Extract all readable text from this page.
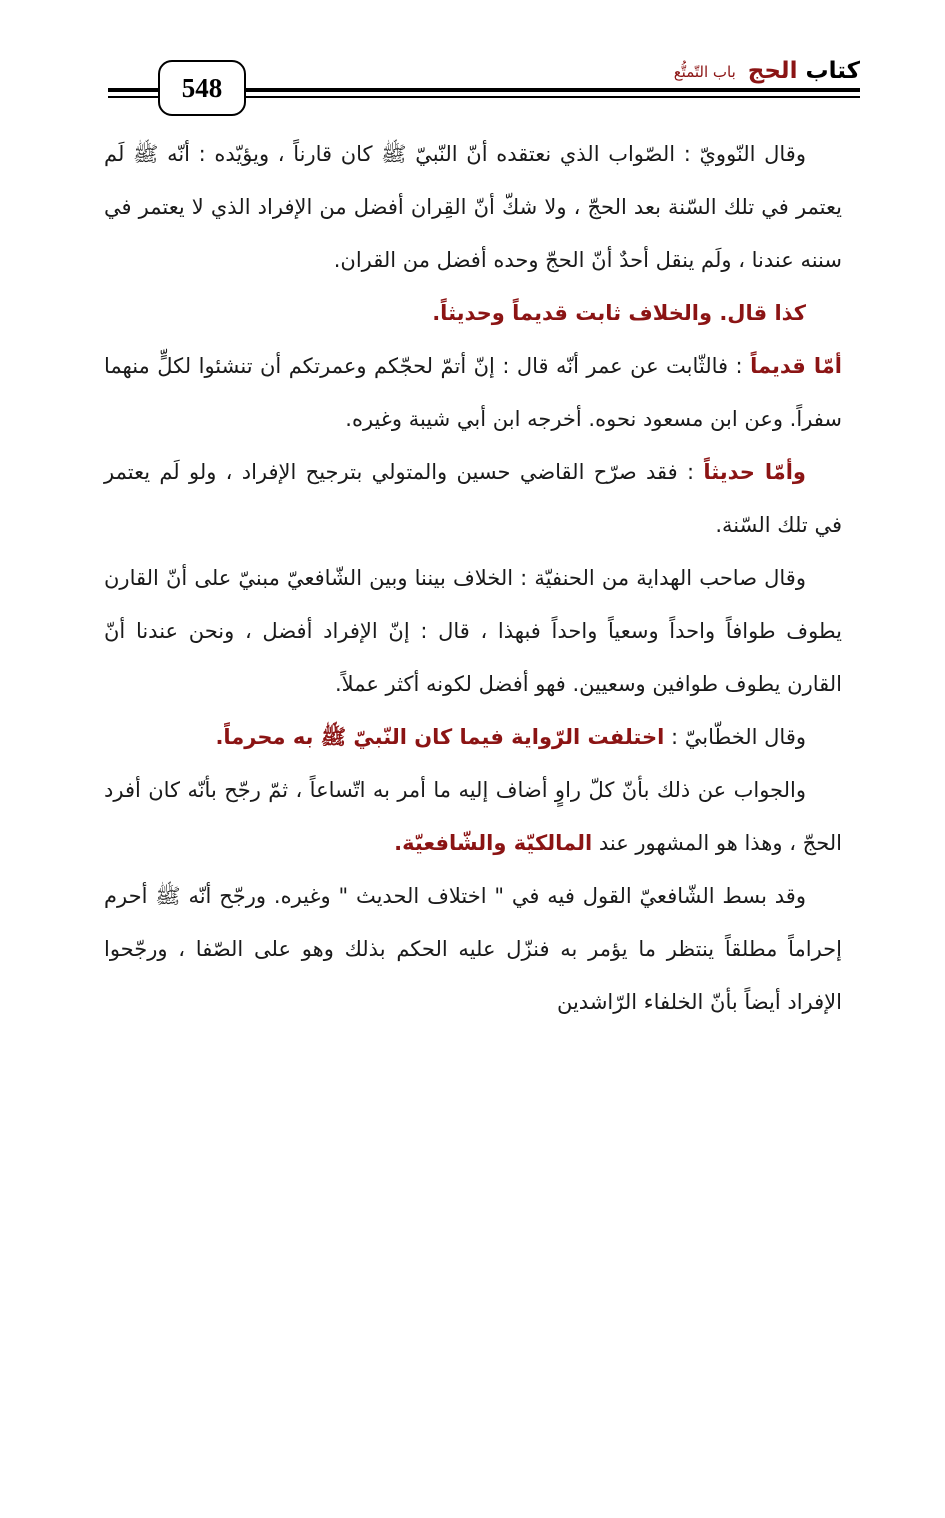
548
كتاب الحج
باب التّمتُّع

وقال النّوويّ : الصّواب الذي نعتقده أنّ النّبيّ ﷺ كان قارناً ، ويؤيّده : أنّه ﷺ لَم يعتمر في تلك السّنة بعد الحجّ ، ولا شكّ أنّ القِران أفضل من الإفراد الذي لا يعتمر في سننه عندنا ، ولَم ينقل أحدٌ أنّ الحجّ وحده أفضل من القران.

كذا قال. والخلاف ثابت قديماً وحديثاً.

أمّا قديماً : فالثّابت عن عمر أنّه قال : إنّ أتمّ لحجّكم وعمرتكم أن تنشئوا لكلٍّ منهما سفراً. وعن ابن مسعود نحوه. أخرجه ابن أبي شيبة وغيره.

وأمّا حديثاً : فقد صرّح القاضي حسين والمتولي بترجيح الإفراد ، ولو لَم يعتمر في تلك السّنة.

وقال صاحب الهداية من الحنفيّة : الخلاف بيننا وبين الشّافعيّ مبنيّ على أنّ القارن يطوف طوافاً واحداً وسعياً واحداً فبهذا ، قال : إنّ الإفراد أفضل ، ونحن عندنا أنّ القارن يطوف طوافين وسعيين. فهو أفضل لكونه أكثر عملاً.

وقال الخطّابيّ : اختلفت الرّواية فيما كان النّبيّ ﷺ به محرماً.

والجواب عن ذلك بأنّ كلّ راوٍ أضاف إليه ما أمر به اتّساعاً ، ثمّ رجّح بأنّه كان أفرد الحجّ ، وهذا هو المشهور عند المالكيّة والشّافعيّة.

وقد بسط الشّافعيّ القول فيه في " اختلاف الحديث " وغيره. ورجّح أنّه ﷺ أحرم إحراماً مطلقاً ينتظر ما يؤمر به فنزّل عليه الحكم بذلك وهو على الصّفا ، ورجّحوا الإفراد أيضاً بأنّ الخلفاء الرّاشدين
